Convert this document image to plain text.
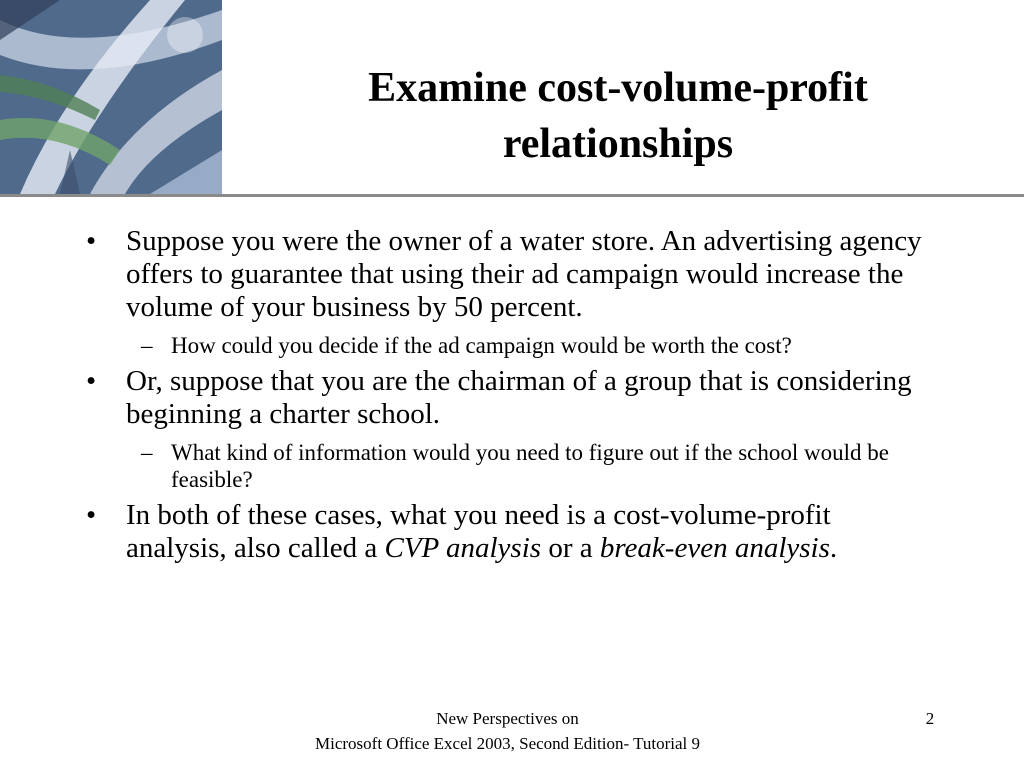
Examine cost-volume-profit
relationships
• Suppose you were the owner of a water store. An advertising agency offers to guarantee that using their ad campaign would increase the volume of your business by 50 percent.
– How could you decide if the ad campaign would be worth the cost?
• Or, suppose that you are the chairman of a group that is considering beginning a charter school.
– What kind of information would you need to figure out if the school would be feasible?
• In both of these cases, what you need is a cost-volume-profit analysis, also called a CVP analysis or a break-even analysis.
New Perspectives on
Microsoft Office Excel 2003, Second Edition- Tutorial 9
2
